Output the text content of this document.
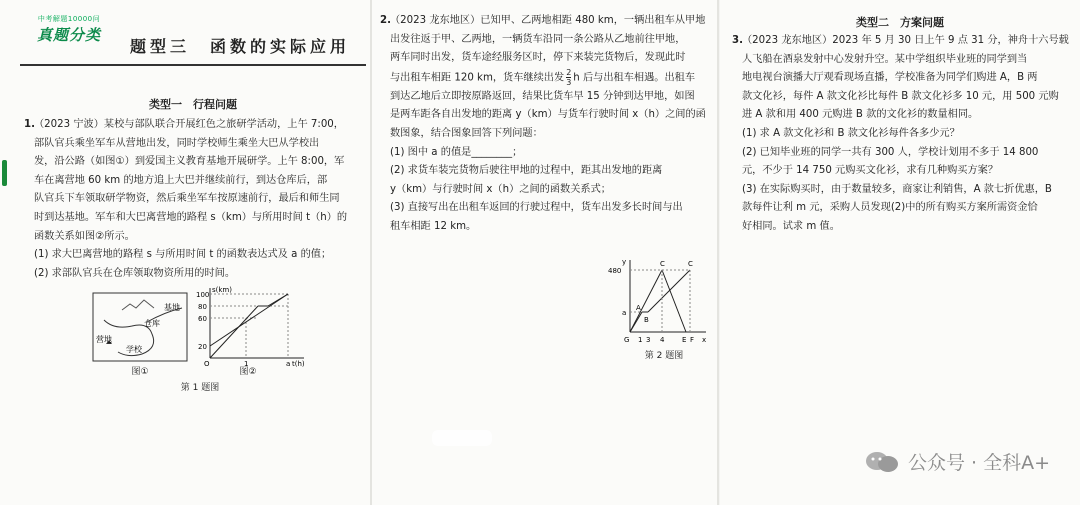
中考解题10000问
真题分类
题型三　函数的实际应用
类型一　行程问题
（2023 宁波）某校与部队联合开展红色之旅研学活动，上午 7:00，
部队官兵乘坐军车从营地出发，同时学校师生乘坐大巴从学校出
发，沿公路（如图①）到爱国主义教育基地开展研学。上午 8:00，军
车在离营地 60 km 的地方追上大巴并继续前行，到达仓库后，部
队官兵下车领取研学物资，然后乘坐军车按原速前行，最后和师生同
时到达基地。军车和大巴离营地的路程 s（km）与所用时间 t（h）的
函数关系如图②所示。
(1) 求大巴离营地的路程 s 与所用时间 t 的函数表达式及 a 的值；
(2) 求部队官兵在仓库领取物资所用的时间。
1.
基地
仓库
营地
学校
图①
s(km)
t(h)
100
80
60
20
O	1	a
图②
第 1 题图
（2023 龙东地区）已知甲、乙两地相距 480 km，一辆出租车从甲地
出发往返于甲、乙两地，一辆货车沿同一条公路从乙地前往甲地，
两车同时出发，货车途经服务区时，停下来装完货物后，发现此时
与出租车相距 120 km，货车继续出发 $\frac{2}{3}$ h 后与出租车相遇。出租车
到达乙地后立即按原路返回，结果比货车早 15 分钟到达甲地，如图
是两车距各自出发地的距离 y（km）与货车行驶时间 x（h）之间的函
数图象，结合图象回答下列问题：
(1) 图中 a 的值是________；
(2) 求货车装完货物后驶往甲地的过程中，距其出发地的距离
y（km）与行驶时间 x（h）之间的函数关系式；
(3) 直接写出在出租车返回的行驶过程中，货车出发多长时间与出
租车相距 12 km。
2.
y
x
480
a
C	C
A
B
G 1 3 4	E F
第 2 题图
类型二　方案问题
（2023 龙东地区）2023 年 5 月 30 日上午 9 点 31 分，神舟十六号载
人飞船在酒泉发射中心发射升空。某中学组织毕业班的同学到当
地电视台演播大厅观看现场直播，学校准备为同学们购进 A，B 两
款文化衫，每件 A 款文化衫比每件 B 款文化衫多 10 元，用 500 元购
进 A 款和用 400 元购进 B 款的文化衫的数量相同。
(1) 求 A 款文化衫和 B 款文化衫每件各多少元？
(2) 已知毕业班的同学一共有 300 人，学校计划用不多于 14 800
元，不少于 14 750 元购买文化衫，求有几种购买方案？
(3) 在实际购买时，由于数量较多，商家让利销售，A 款七折优惠，B
款每件让利 m 元，采购人员发现(2)中的所有购买方案所需资金恰
好相同。试求 m 值。
3.
公众号 · 全科A+
